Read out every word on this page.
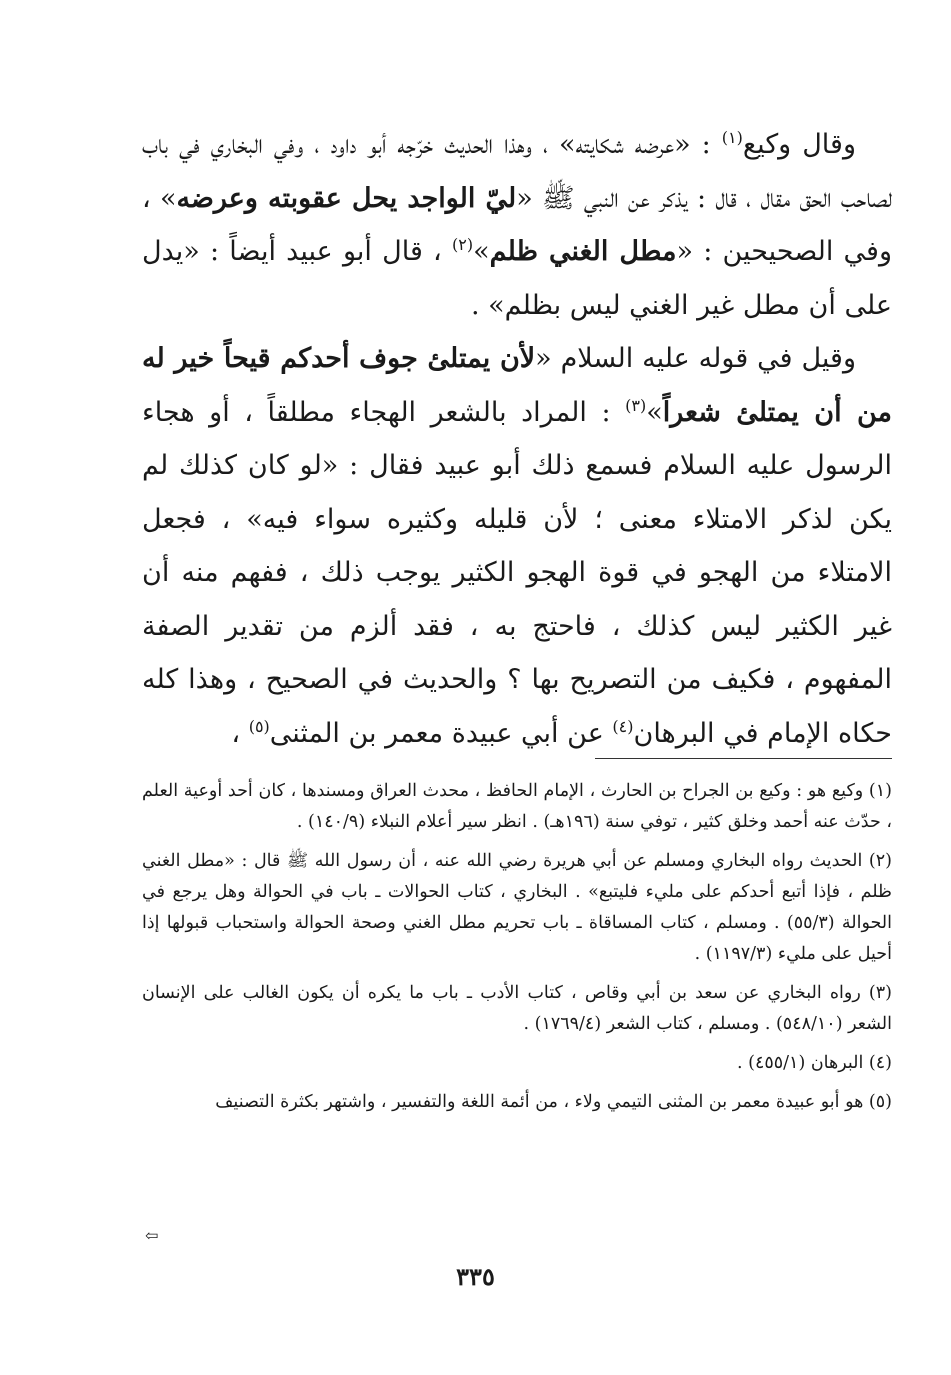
وقال وكيع$^{(١)}$ : «عرضه شكايته» ، وهذا الحديث خرّجه أبو داود ، وفي البخاري في باب لصاحب الحق مقال ، قال : يذكر عن النبي ﷺ «ليّ الواجد يحل عقوبته وعرضه» ، وفي الصحيحين : «مطل الغني ظلم»$^{(٢)}$ ، قال أبو عبيد أيضاً : «يدل على أن مطل غير الغني ليس بظلم» .

وقيل في قوله عليه السلام «لأن يمتلئ جوف أحدكم قيحاً خير له من أن يمتلئ شعراً»$^{(٣)}$ : المراد بالشعر الهجاء مطلقاً ، أو هجاء الرسول عليه السلام فسمع ذلك أبو عبيد فقال : «لو كان كذلك لم يكن لذكر الامتلاء معنى ؛ لأن قليله وكثيره سواء فيه» ، فجعل الامتلاء من الهجو في قوة الهجو الكثير يوجب ذلك ، ففهم منه أن غير الكثير ليس كذلك ، فاحتج به ، فقد ألزم من تقدير الصفة المفهوم ، فكيف من التصريح بها ؟ والحديث في الصحيح ، وهذا كله حكاه الإمام في البرهان$^{(٤)}$ عن أبي عبيدة معمر بن المثنى$^{(٥)}$ ،

(١) وكيع هو : وكيع بن الجراح بن الحارث ، الإمام الحافظ ، محدث العراق ومسندها ، كان أحد أوعية العلم ، حدّث عنه أحمد وخلق كثير ، توفي سنة (١٩٦هـ) . انظر سير أعلام النبلاء (١٤٠/٩) .

(٢) الحديث رواه البخاري ومسلم عن أبي هريرة رضي الله عنه ، أن رسول الله ﷺ قال : «مطل الغني ظلم ، فإذا أتبع أحدكم على مليء فليتبع» . البخاري ، كتاب الحوالات ـ باب في الحوالة وهل يرجع في الحوالة (٥٥/٣) . ومسلم ، كتاب المساقاة ـ باب تحريم مطل الغني وصحة الحوالة واستحباب قبولها إذا أحيل على مليء (١١٩٧/٣) .

(٣) رواه البخاري عن سعد بن أبي وقاص ، كتاب الأدب ـ باب ما يكره أن يكون الغالب على الإنسان الشعر (٥٤٨/١٠) . ومسلم ، كتاب الشعر (١٧٦٩/٤) .

(٤) البرهان (٤٥٥/١) .

(٥) هو أبو عبيدة معمر بن المثنى التيمي ولاء ، من أئمة اللغة والتفسير ، واشتهر بكثرة التصنيف

⇦
٣٣٥
